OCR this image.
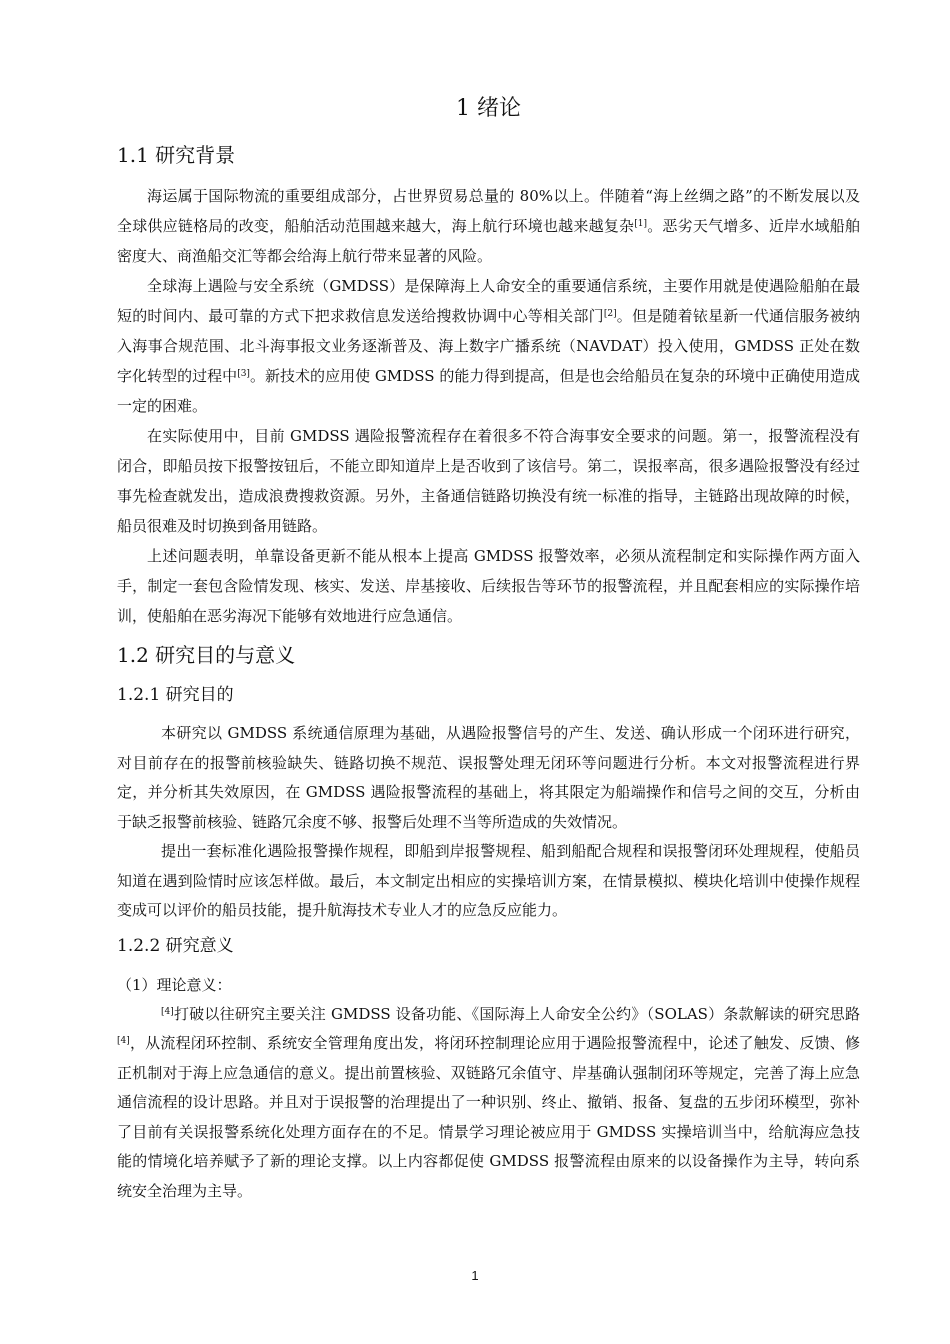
1 绪论
1.1 研究背景

海运属于国际物流的重要组成部分，占世界贸易总量的 80%以上。伴随着“海上丝绸之路”的不断发展以及全球供应链格局的改变，船舶活动范围越来越大，海上航行环境也越来越复杂[1]。恶劣天气增多、近岸水域船舶密度大、商渔船交汇等都会给海上航行带来显著的风险。

全球海上遇险与安全系统（GMDSS）是保障海上人命安全的重要通信系统，主要作用就是使遇险船舶在最短的时间内、最可靠的方式下把求救信息发送给搜救协调中心等相关部门[2]。但是随着铱星新一代通信服务被纳入海事合规范围、北斗海事报文业务逐渐普及、海上数字广播系统（NAVDAT）投入使用，GMDSS 正处在数字化转型的过程中[3]。新技术的应用使 GMDSS 的能力得到提高，但是也会给船员在复杂的环境中正确使用造成一定的困难。

在实际使用中，目前 GMDSS 遇险报警流程存在着很多不符合海事安全要求的问题。第一，报警流程没有闭合，即船员按下报警按钮后，不能立即知道岸上是否收到了该信号。第二，误报率高，很多遇险报警没有经过事先检查就发出，造成浪费搜救资源。另外，主备通信链路切换没有统一标准的指导，主链路出现故障的时候，船员很难及时切换到备用链路。

上述问题表明，单靠设备更新不能从根本上提高 GMDSS 报警效率，必须从流程制定和实际操作两方面入手，制定一套包含险情发现、核实、发送、岸基接收、后续报告等环节的报警流程，并且配套相应的实际操作培训，使船舶在恶劣海况下能够有效地进行应急通信。

1.2 研究目的与意义
1.2.1 研究目的

本研究以 GMDSS 系统通信原理为基础，从遇险报警信号的产生、发送、确认形成一个闭环进行研究，对目前存在的报警前核验缺失、链路切换不规范、误报警处理无闭环等问题进行分析。本文对报警流程进行界定，并分析其失效原因，在 GMDSS 遇险报警流程的基础上，将其限定为船端操作和信号之间的交互，分析由于缺乏报警前核验、链路冗余度不够、报警后处理不当等所造成的失效情况。

提出一套标准化遇险报警操作规程，即船到岸报警规程、船到船配合规程和误报警闭环处理规程，使船员知道在遇到险情时应该怎样做。最后，本文制定出相应的实操培训方案，在情景模拟、模块化培训中使操作规程变成可以评价的船员技能，提升航海技术专业人才的应急反应能力。

1.2.2 研究意义

（1）理论意义：

[4]打破以往研究主要关注 GMDSS 设备功能、《国际海上人命安全公约》（SOLAS）条款解读的研究思路[4]，从流程闭环控制、系统安全管理角度出发，将闭环控制理论应用于遇险报警流程中，论述了触发、反馈、修正机制对于海上应急通信的意义。提出前置核验、双链路冗余值守、岸基确认强制闭环等规定，完善了海上应急通信流程的设计思路。并且对于误报警的治理提出了一种识别、终止、撤销、报备、复盘的五步闭环模型，弥补了目前有关误报警系统化处理方面存在的不足。情景学习理论被应用于 GMDSS 实操培训当中，给航海应急技能的情境化培养赋予了新的理论支撑。以上内容都促使 GMDSS 报警流程由原来的以设备操作为主导，转向系统安全治理为主导。

1
